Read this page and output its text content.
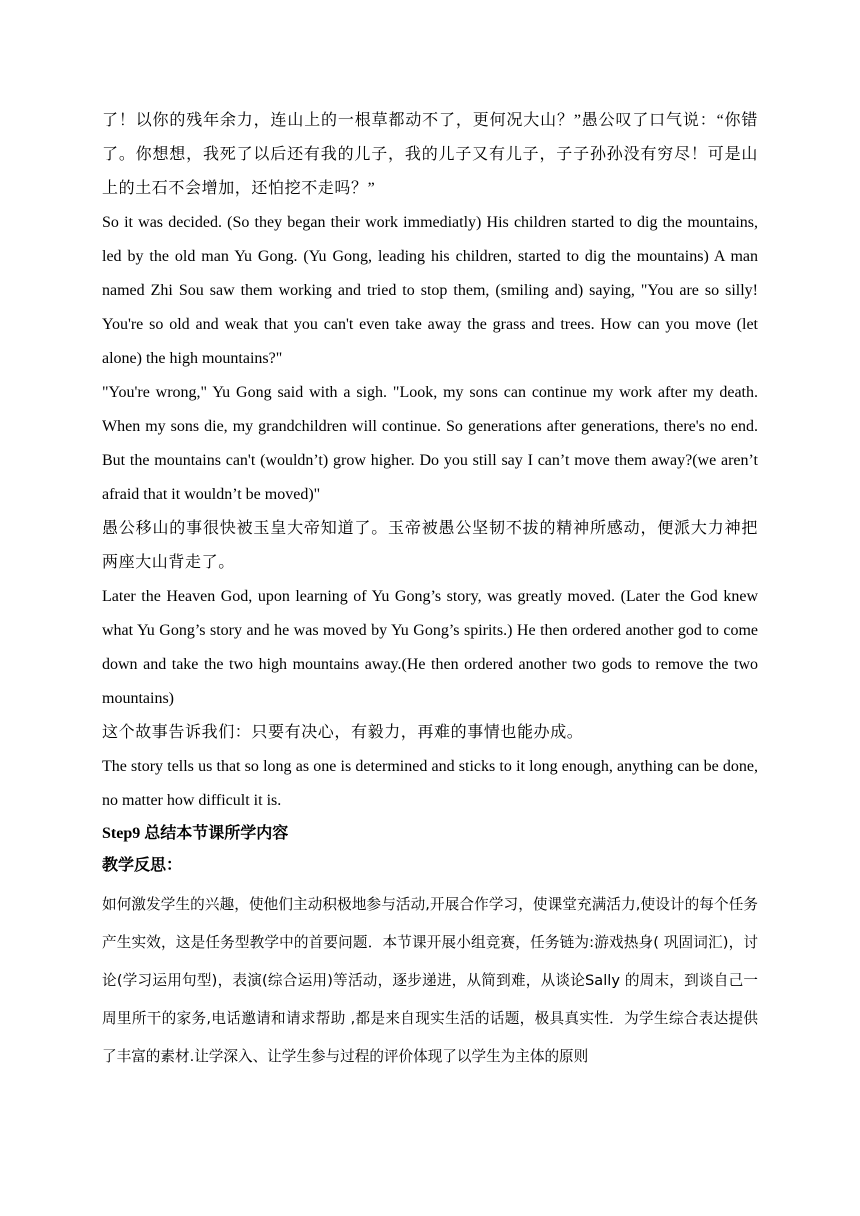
了！以你的残年余力，连山上的一根草都动不了，更何况大山？”愚公叹了口气说：“你错了。你想想，我死了以后还有我的儿子，我的儿子又有儿子，子子孙孙没有穷尽！可是山上的土石不会增加，还怕挖不走吗？”

So it was decided. (So they began their work immediatly) His children started to dig the mountains, led by the old man Yu Gong. (Yu Gong, leading his children, started to dig the mountains) A man named Zhi Sou saw them working and tried to stop them, (smiling and) saying, "You are so silly! You're so old and weak that you can't even take away the grass and trees. How can you move (let alone) the high mountains?"

"You're wrong," Yu Gong said with a sigh. "Look, my sons can continue my work after my death. When my sons die, my grandchildren will continue. So generations after generations, there's no end. But the mountains can't (wouldn’t) grow higher. Do you still say I can’t move them away?(we aren’t afraid that it wouldn’t be moved)"

愚公移山的事很快被玉皇大帝知道了。玉帝被愚公坚韧不拔的精神所感动，便派大力神把两座大山背走了。

Later the Heaven God, upon learning of Yu Gong’s story, was greatly moved. (Later the God knew what Yu Gong’s story and he was moved by Yu Gong’s spirits.) He then ordered another god to come down and take the two high mountains away.(He then ordered another two gods to remove the two mountains)

这个故事告诉我们：只要有决心，有毅力，再难的事情也能办成。

The story tells us that so long as one is determined and sticks to it long enough, anything can be done, no matter how difficult it is.

Step9 总结本节课所学内容

教学反思：

如何激发学生的兴趣，使他们主动积极地参与活动,开展合作学习，使课堂充满活力,使设计的每个任务产生实效，这是任务型教学中的首要问题．本节课开展小组竞赛，任务链为:游戏热身( 巩固词汇)，讨论(学习运用句型)，表演(综合运用)等活动，逐步递进，从简到难，从谈论Sally 的周末，到谈自己一周里所干的家务,电话邀请和请求帮助 ,都是来自现实生活的话题，极具真实性．为学生综合表达提供了丰富的素材.让学深入、让学生参与过程的评价体现了以学生为主体的原则
